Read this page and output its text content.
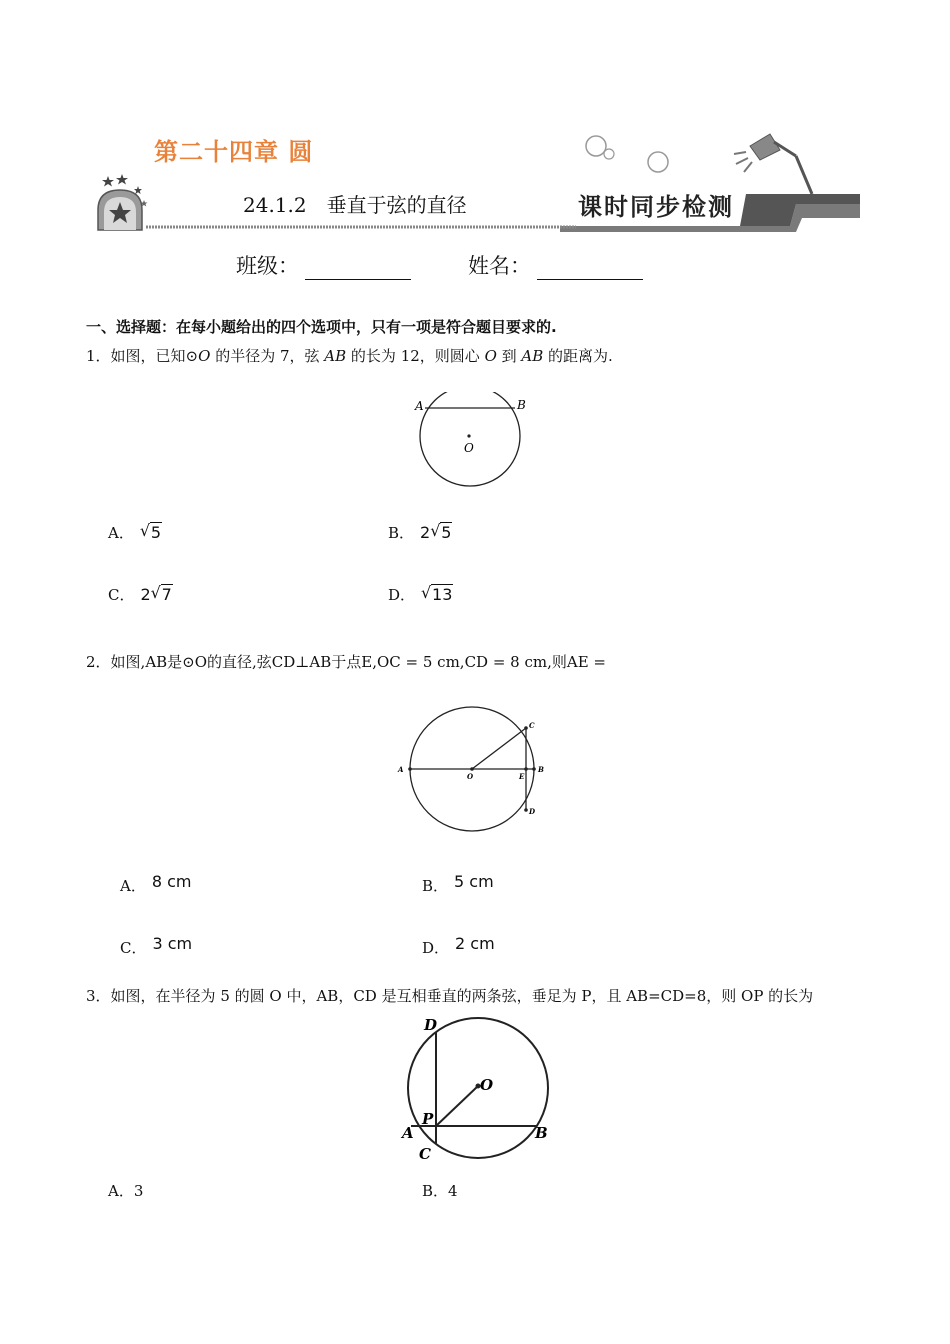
第二十四章 圆
24.1.2　垂直于弦的直径	课时同步检测
班级：	姓名：
一、选择题：在每小题给出的四个选项中，只有一项是符合题目要求的.
1．如图，已知⊙O 的半径为 7，弦 AB 的长为 12，则圆心 O 到 AB 的距离为.
A	B
O
A． √ 5	B． 2 √ 5
C． 2 √ 7	D． √ 13
2．如图,AB是⊙O的直径,弦CD⊥AB于点E,OC = 5 cm,CD = 8 cm,则AE =
A
O	E
B
C
D
A． 8 cm	B． 5 cm
C． 3 cm	D． 2 cm
3．如图，在半径为 5 的圆 O 中，AB，CD 是互相垂直的两条弦，垂足为 P，且 AB=CD=8，则 OP 的长为
D
O
P
A	B
C
A．3	B．4
